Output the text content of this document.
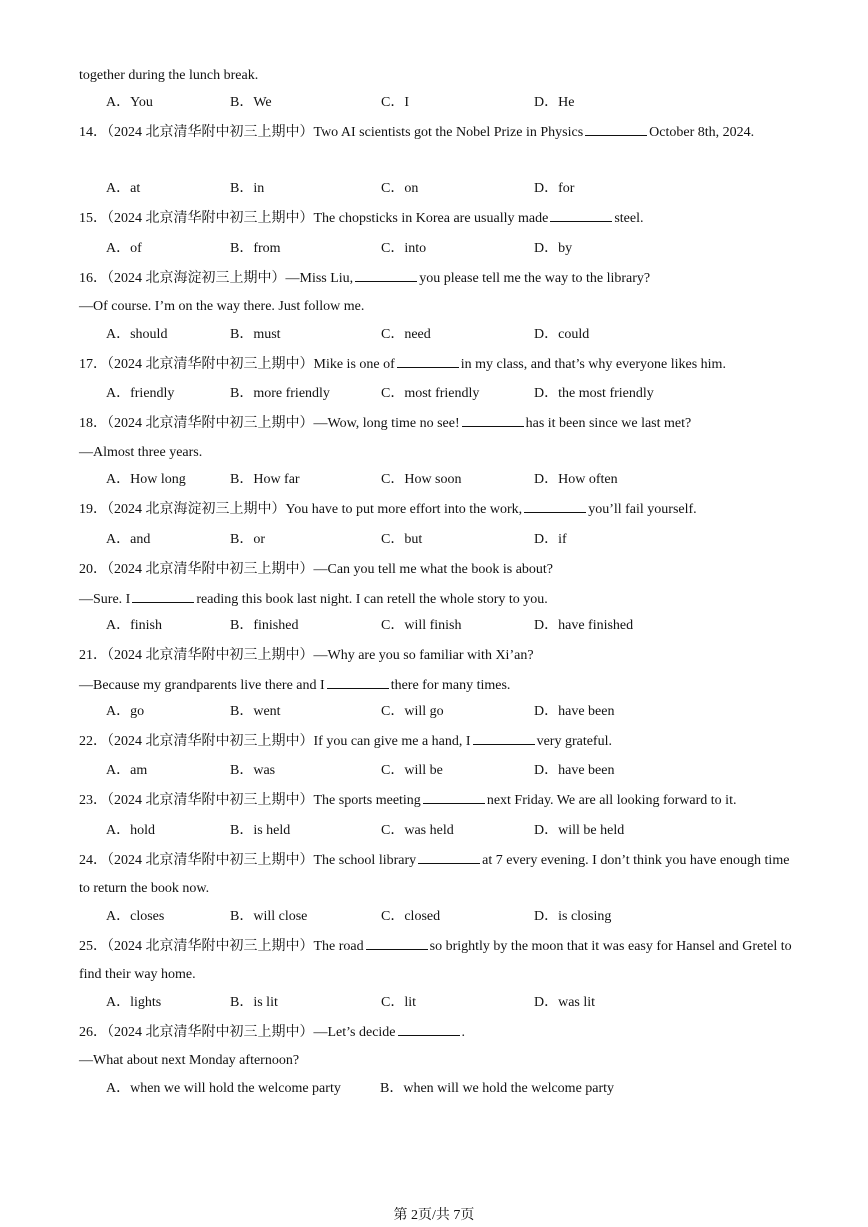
together during the lunch break.
A．You	B．We	C．I	D．He
14．（2024 北京清华附中初三上期中）Two AI scientists got the Nobel Prize in Physics	October 8th, 2024.
A．at	B．in	C．on	D．for
15．（2024 北京清华附中初三上期中）The chopsticks in Korea are usually made	steel.
A．of	B．from	C．into	D．by
16．（2024 北京海淀初三上期中）—Miss Liu,	you please tell me the way to the library?
—Of course. I’m on the way there. Just follow me.
A．should	B．must	C．need	D．could
17．（2024 北京清华附中初三上期中）Mike is one of	in my class, and that’s why everyone likes him.
A．friendly	B．more friendly	C．most friendly	D．the most friendly
18．（2024 北京清华附中初三上期中）—Wow, long time no see!	has it been since we last met?
—Almost three years.
A．How long	B．How far	C．How soon	D．How often
19．（2024 北京海淀初三上期中）You have to put more effort into the work,	you’ll fail yourself.
A．and	B．or	C．but	D．if
20．（2024 北京清华附中初三上期中）—Can you tell me what the book is about?
—Sure. I	reading this book last night. I can retell the whole story to you.
A．finish	B．finished	C．will finish	D．have finished
21．（2024 北京清华附中初三上期中）—Why are you so familiar with Xi’an?
—Because my grandparents live there and I	there for many times.
A．go	B．went	C．will go	D．have been
22．（2024 北京清华附中初三上期中）If you can give me a hand, I	very grateful.
A．am	B．was	C．will be	D．have been
23．（2024 北京清华附中初三上期中）The sports meeting	next Friday. We are all looking forward to it.
A．hold	B．is held	C．was held	D．will be held
24．（2024 北京清华附中初三上期中）The school library	at 7 every evening. I don’t think you have enough time to return the book now.
A．closes	B．will close	C．closed	D．is closing
25．（2024 北京清华附中初三上期中）The road	so brightly by the moon that it was easy for Hansel and Gretel to find their way home.
A．lights	B．is lit	C．lit	D．was lit
26．（2024 北京清华附中初三上期中）—Let’s decide	.
—What about next Monday afternoon?
A．when we will hold the welcome party	B．when will we hold the welcome party
第 2页/共 7页
